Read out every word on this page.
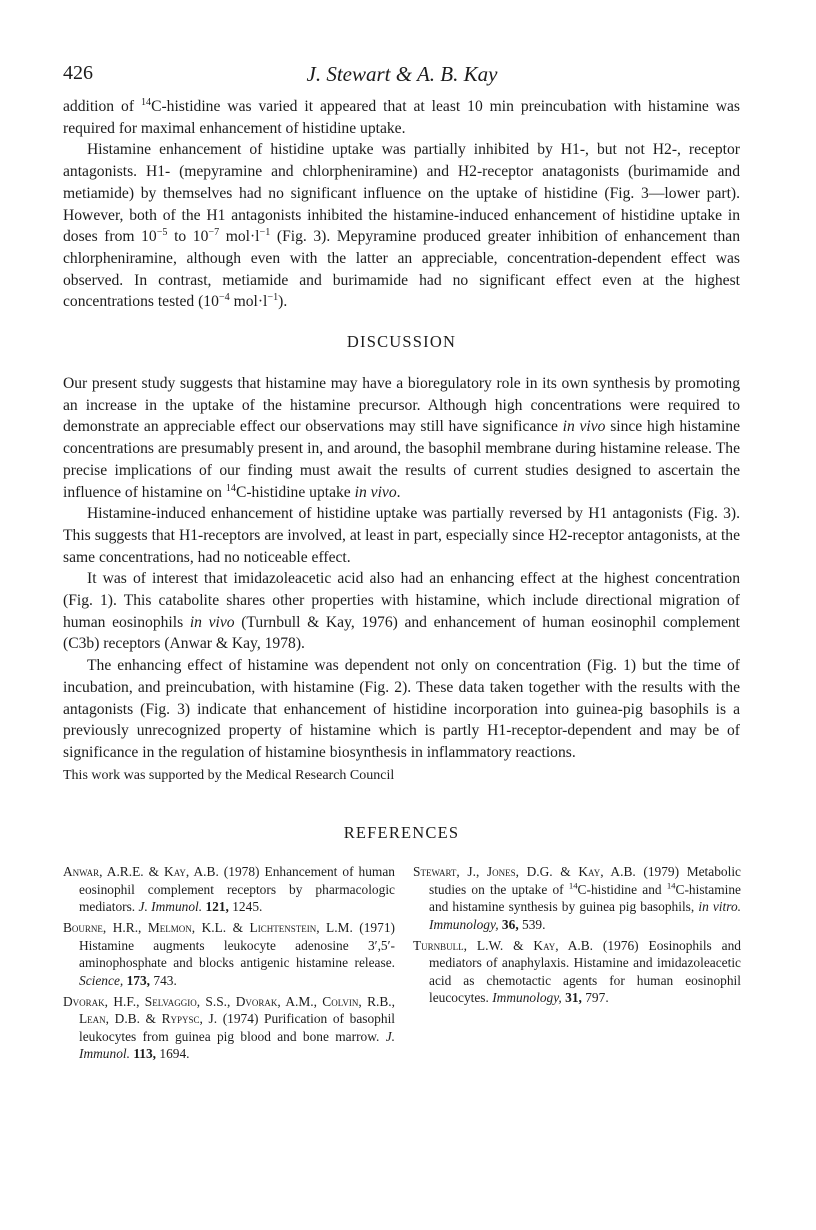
426	J. Stewart & A. B. Kay

addition of $^{14}$C-histidine was varied it appeared that at least 10 min preincubation with histamine was required for maximal enhancement of histidine uptake.

Histamine enhancement of histidine uptake was partially inhibited by H1-, but not H2-, receptor antagonists. H1- (mepyramine and chlorpheniramine) and H2-receptor anatagonists (burimamide and metiamide) by themselves had no significant influence on the uptake of histidine (Fig. 3—lower part). However, both of the H1 antagonists inhibited the histamine-induced enhancement of histidine uptake in doses from $10^{-5}$ to $10^{-7}$ $mol\cdot l^{-1}$ (Fig. 3). Mepyramine produced greater inhibition of enhancement than chlorpheniramine, although even with the latter an appreciable, concentration-dependent effect was observed. In contrast, metiamide and burimamide had no significant effect even at the highest concentrations tested ($10^{-4}$ $mol\cdot l^{-1}$).

DISCUSSION

Our present study suggests that histamine may have a bioregulatory role in its own synthesis by promoting an increase in the uptake of the histamine precursor. Although high concentrations were required to demonstrate an appreciable effect our observations may still have significance in vivo since high histamine concentrations are presumably present in, and around, the basophil membrane during histamine release. The precise implications of our finding must await the results of current studies designed to ascertain the influence of histamine on $^{14}$C-histidine uptake in vivo.

Histamine-induced enhancement of histidine uptake was partially reversed by H1 antagonists (Fig. 3). This suggests that H1-receptors are involved, at least in part, especially since H2-receptor antagonists, at the same concentrations, had no noticeable effect.

It was of interest that imidazoleacetic acid also had an enhancing effect at the highest concentration (Fig. 1). This catabolite shares other properties with histamine, which include directional migration of human eosinophils in vivo (Turnbull & Kay, 1976) and enhancement of human eosinophil complement (C3b) receptors (Anwar & Kay, 1978).

The enhancing effect of histamine was dependent not only on concentration (Fig. 1) but the time of incubation, and preincubation, with histamine (Fig. 2). These data taken together with the results with the antagonists (Fig. 3) indicate that enhancement of histidine incorporation into guinea-pig basophils is a previously unrecognized property of histamine which is partly H1-receptor-dependent and may be of significance in the regulation of histamine biosynthesis in inflammatory reactions.

This work was supported by the Medical Research Council
REFERENCES

Anwar, A.R.E. & Kay, A.B. (1978) Enhancement of human eosinophil complement receptors by pharmacologic mediators. J. Immunol. 121, 1245.

Bourne, H.R., Melmon, K.L. & Lichtenstein, L.M. (1971) Histamine augments leukocyte adenosine 3′,5′-aminophosphate and blocks antigenic histamine release. Science, 173, 743.

Dvorak, H.F., Selvaggio, S.S., Dvorak, A.M., Colvin, R.B., Lean, D.B. & Rypysc, J. (1974) Purification of basophil leukocytes from guinea pig blood and bone marrow. J. Immunol. 113, 1694.

Stewart, J., Jones, D.G. & Kay, A.B. (1979) Metabolic studies on the uptake of $^{14}$C-histidine and $^{14}$C-histamine and histamine synthesis by guinea pig basophils, in vitro. Immunology, 36, 539.

Turnbull, L.W. & Kay, A.B. (1976) Eosinophils and mediators of anaphylaxis. Histamine and imidazoleacetic acid as chemotactic agents for human eosinophil leucocytes. Immunology, 31, 797.
